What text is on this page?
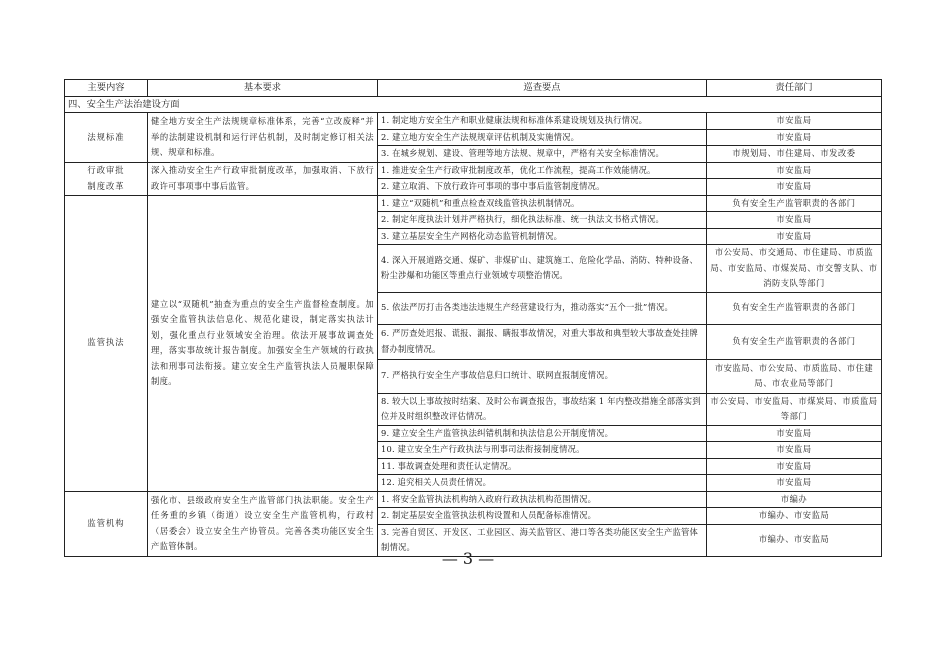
主要内容	基本要求	巡查要点	责任部门
四、安全生产法治建设方面			
法规标准	健全地方安全生产法规规章标准体系，完善“立改废释”并举的法制建设机制和运行评估机制，及时制定修订相关法规、规章和标准。	1. 制定地方安全生产和职业健康法规和标准体系建设规划及执行情况。	市安监局
		2. 建立地方安全生产法规规章评估机制及实施情况。	市安监局
		3. 在城乡规划、建设、管理等地方法规、规章中，严格有关安全标准情况。	市规划局、市住建局、市发改委

行政审批
制度改革	深入推动安全生产行政审批制度改革，加强取消、下放行政许可事项事中事后监管。	1. 推进安全生产行政审批制度改革，优化工作流程，提高工作效能情况。	市安监局
		2. 建立取消、下放行政许可事项的事中事后监管制度情况。	市安监局
监管执法	建立以“双随机”抽查为重点的安全生产监督检查制度。加强安全监管执法信息化、规范化建设，制定落实执法计划，强化重点行业领域安全治理。依法开展事故调查处理，落实事故统计报告制度。加强安全生产领域的行政执法和刑事司法衔接。建立安全生产监管执法人员履职保障制度。	1. 建立“双随机”和重点检查双线监管执法机制情况。	负有安全生产监管职责的各部门
		2. 制定年度执法计划并严格执行，细化执法标准、统一执法文书格式情况。	市安监局
		3. 建立基层安全生产网格化动态监管机制情况。	市安监局
		4. 深入开展道路交通、煤矿、非煤矿山、建筑施工、危险化学品、消防、特种设备、粉尘涉爆和功能区等重点行业领域专项整治情况。	市公安局、市交通局、市住建局、市质监局、市安监局、市煤炭局、市交警支队、市消防支队等部门
		5. 依法严厉打击各类违法违规生产经营建设行为，推动落实“五个一批”情况。	负有安全生产监管职责的各部门
		6. 严厉查处迟报、谎报、漏报、瞒报事故情况，对重大事故和典型较大事故查处挂牌督办制度情况。	负有安全生产监管职责的各部门
		7. 严格执行安全生产事故信息归口统计、联网直报制度情况。	市安监局、市公安局、市质监局、市住建局、市农业局等部门
		8. 较大以上事故按时结案、及时公布调查报告，事故结案 1 年内整改措施全部落实到位并及时组织整改评估情况。	市公安局、市安监局、市煤炭局、市质监局等部门
		9. 建立安全生产监管执法纠错机制和执法信息公开制度情况。	市安监局
		10. 建立安全生产行政执法与刑事司法衔接制度情况。	市安监局
		11. 事故调查处理和责任认定情况。	市安监局
		12. 追究相关人员责任情况。	市安监局
监管机构	强化市、县级政府安全生产监管部门执法职能。安全生产任务重的乡镇（街道）设立安全生产监管机构，行政村（居委会）设立安全生产协管员。完善各类功能区安全生产监管体制。	1. 将安全监管执法机构纳入政府行政执法机构范围情况。	市编办
		2. 制定基层安全监管执法机构设置和人员配备标准情况。	市编办、市安监局
		3. 完善自贸区、开发区、工业园区、海关监管区、港口等各类功能区安全生产监管体制情况。	市编办、市安监局
— 3 —
